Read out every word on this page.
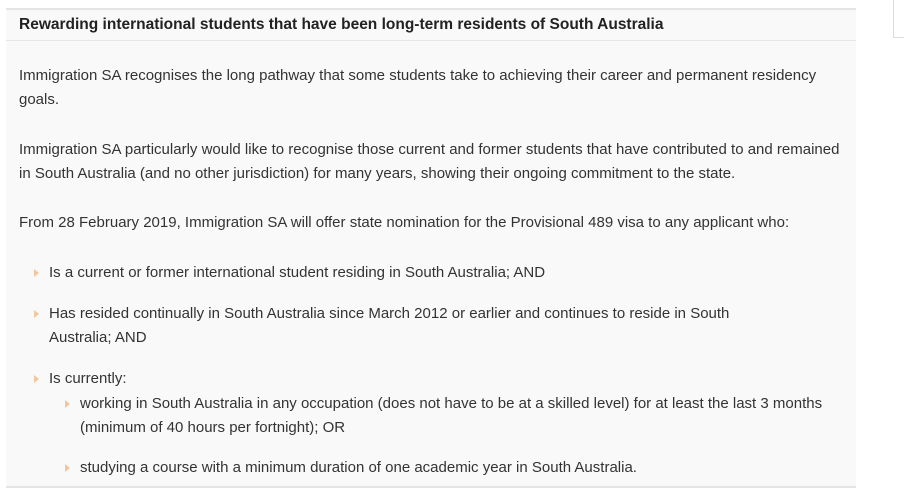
Rewarding international students that have been long-term residents of South Australia

Immigration SA recognises the long pathway that some students take to achieving their career and permanent residency goals.

Immigration SA particularly would like to recognise those current and former students that have contributed to and remained in South Australia (and no other jurisdiction) for many years, showing their ongoing commitment to the state.

From 28 February 2019, Immigration SA will offer state nomination for the Provisional 489 visa to any applicant who:

Is a current or former international student residing in South Australia; AND
Has resided continually in South Australia since March 2012 or earlier and continues to reside in South Australia; AND
Is currently:
working in South Australia in any occupation (does not have to be at a skilled level) for at least the last 3 months (minimum of 40 hours per fortnight); OR
studying a course with a minimum duration of one academic year in South Australia.
